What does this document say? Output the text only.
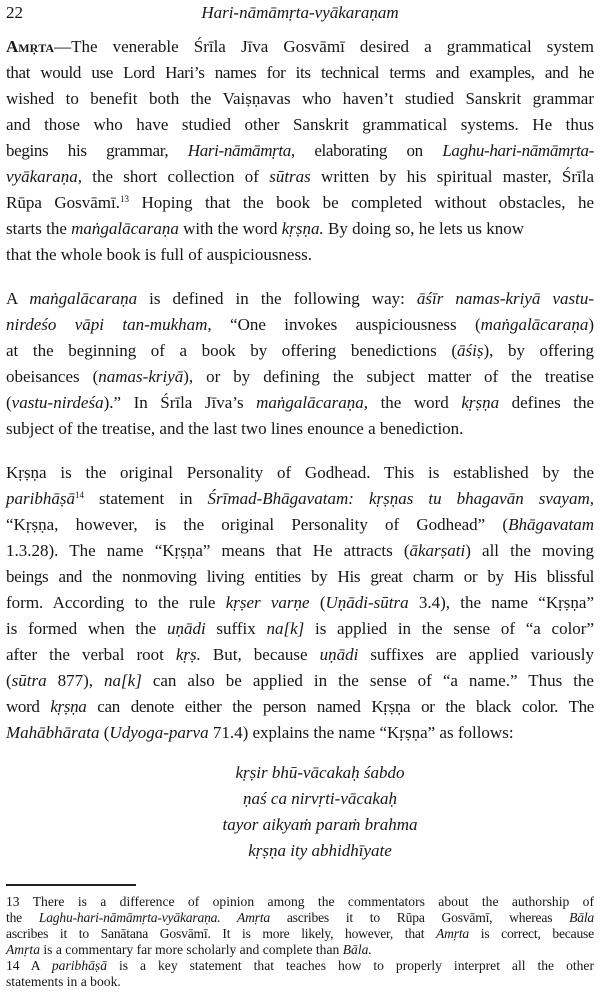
22	Hari-nāmāmṛta-vyākaraṇam
Amṛta—The venerable Śrīla Jīva Gosvāmī desired a grammatical system
that would use Lord Hari’s names for its technical terms and examples, and he
wished to benefit both the Vaiṣṇavas who haven’t studied Sanskrit grammar
and those who have studied other Sanskrit grammatical systems. He thus
begins his grammar, Hari-nāmāmṛta, elaborating on Laghu-hari-nāmāmṛta-
vyākaraṇa, the short collection of sūtras written by his spiritual master, Śrīla
Rūpa Gosvāmī.$^{13}$ Hoping that the book be completed without obstacles, he
starts the maṅgalācaraṇa with the word kṛṣṇa. By doing so, he lets us know
that the whole book is full of auspiciousness.
A maṅgalācaraṇa is defined in the following way: āśīr namas-kriyā vastu-
nirdeśo vāpi tan-mukham, “One invokes auspiciousness (maṅgalācaraṇa)
at the beginning of a book by offering benedictions (āśiṣ), by offering
obeisances (namas-kriyā), or by defining the subject matter of the treatise
(vastu-nirdeśa).” In Śrīla Jīva’s maṅgalācaraṇa, the word kṛṣṇa defines the
subject of the treatise, and the last two lines enounce a benediction.
Kṛṣṇa is the original Personality of Godhead. This is established by the
paribhāṣā$^{14}$ statement in Śrīmad-Bhāgavatam: kṛṣṇas tu bhagavān svayam,
“Kṛṣṇa, however, is the original Personality of Godhead” (Bhāgavatam
1.3.28). The name “Kṛṣṇa” means that He attracts (ākarṣati) all the moving
beings and the nonmoving living entities by His great charm or by His blissful
form. According to the rule kṛṣer varṇe (Uṇādi-sūtra 3.4), the name “Kṛṣṇa”
is formed when the uṇādi suffix na[k] is applied in the sense of “a color”
after the verbal root kṛṣ. But, because uṇādi suffixes are applied variously
(sūtra 877), na[k] can also be applied in the sense of “a name.” Thus the
word kṛṣṇa can denote either the person named Kṛṣṇa or the black color. The
Mahābhārata (Udyoga-parva 71.4) explains the name “Kṛṣṇa” as follows:
kṛṣir bhū-vācakaḥ śabdo
ṇaś ca nirvṛti-vācakaḥ
tayor aikyaṁ paraṁ brahma
kṛṣṇa ity abhidhīyate
13 There is a difference of opinion among the commentators about the authorship of
the Laghu-hari-nāmāmṛta-vyākaraṇa. Amṛta ascribes it to Rūpa Gosvāmī, whereas Bāla
ascribes it to Sanātana Gosvāmī. It is more likely, however, that Amṛta is correct, because
Amṛta is a commentary far more scholarly and complete than Bāla.
14 A paribhāṣā is a key statement that teaches how to properly interpret all the other
statements in a book.
